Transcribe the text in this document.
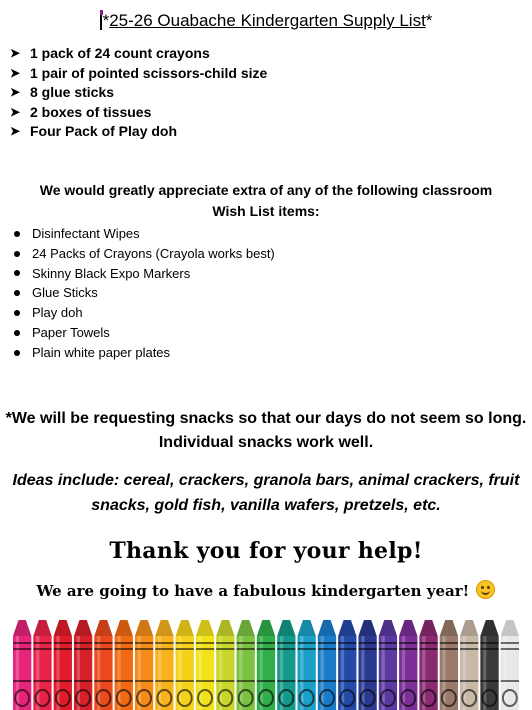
*25-26 Ouabache Kindergarten Supply List*
➤ 1 pack of 24 count crayons
➤ 1 pair of pointed scissors-child size
➤ 8 glue sticks
➤ 2 boxes of tissues
➤ Four Pack of Play doh
We would greatly appreciate extra of any of the following classroom
Wish List items:
Disinfectant Wipes
24 Packs of Crayons (Crayola works best)
Skinny Black Expo Markers
Glue Sticks
Play doh
Paper Towels
Plain white paper plates
*We will be requesting snacks so that our days do not seem so long.
Individual snacks work well.
Ideas include: cereal, crackers, granola bars, animal crackers, fruit
snacks, gold fish, vanilla wafers, pretzels, etc.
Thank you for your help!
We are going to have a fabulous kindergarten year!
